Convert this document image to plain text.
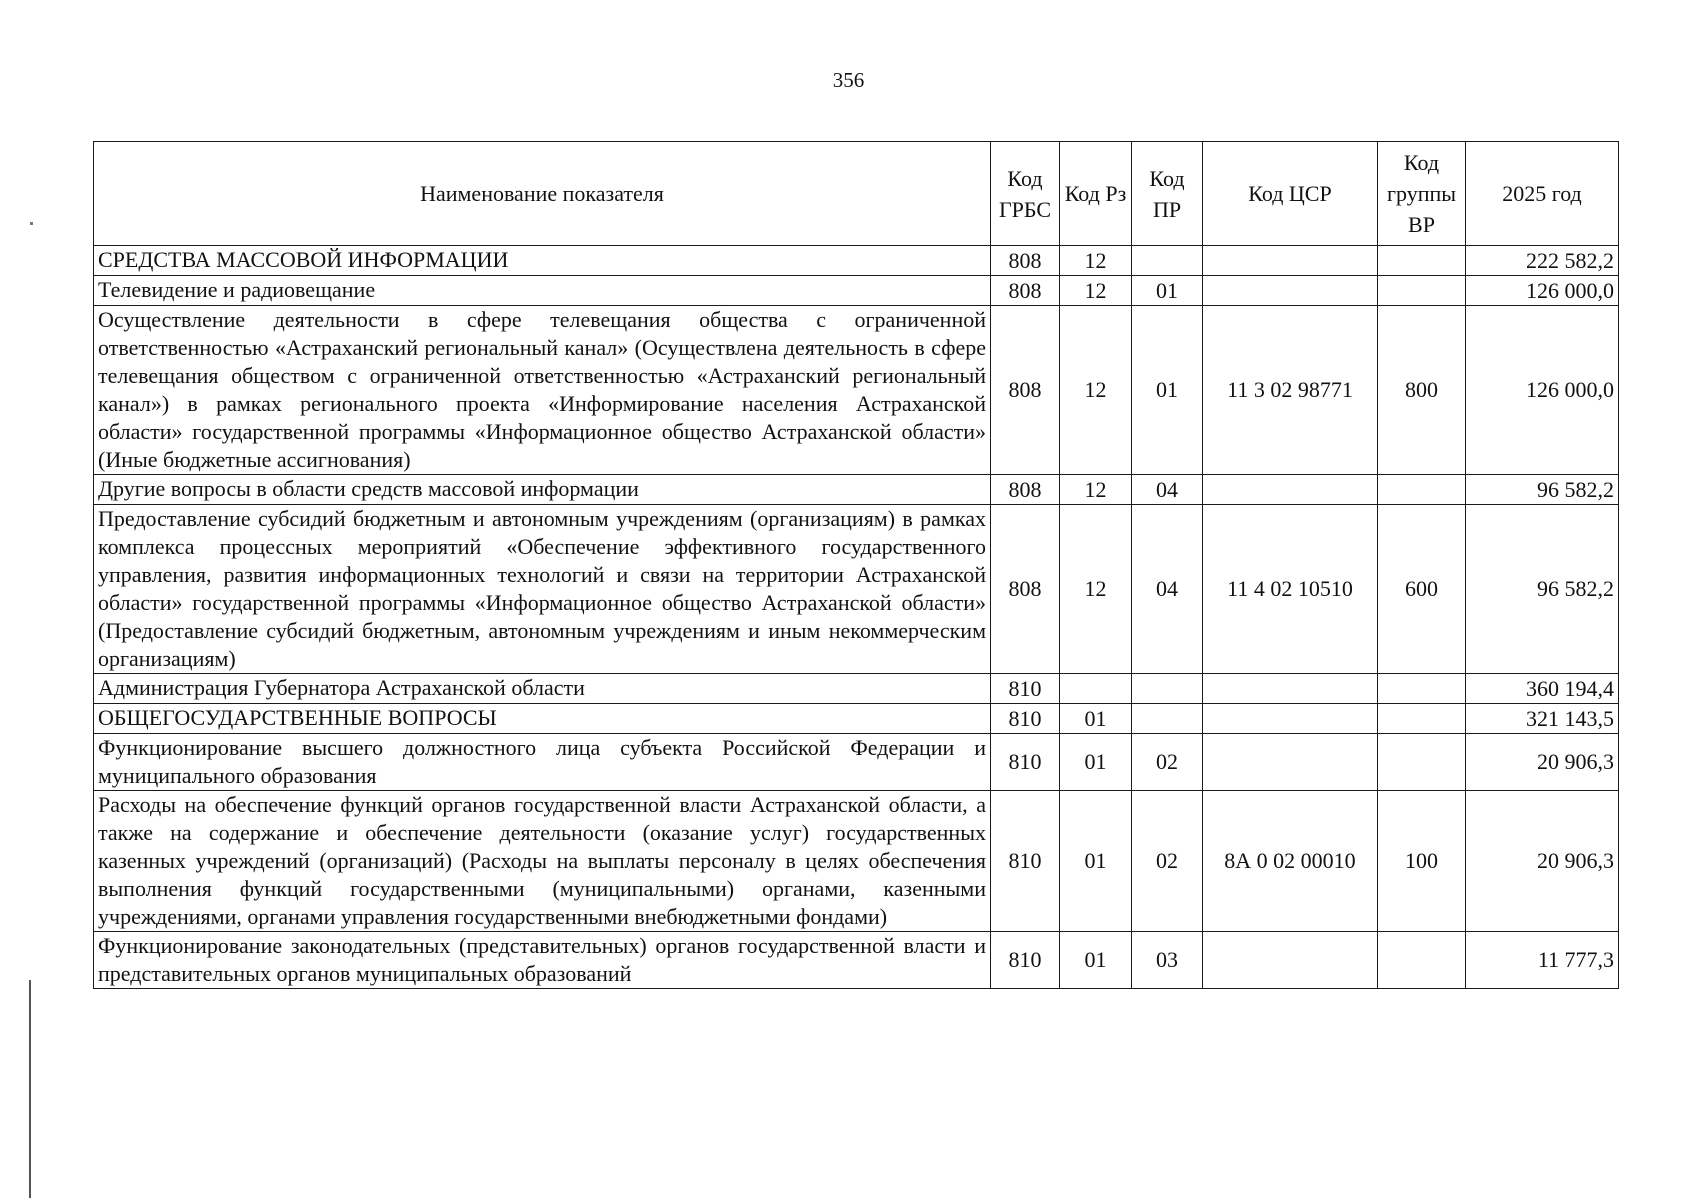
356
Наименование показателя	Код ГРБС	Код Рз	Код ПР	Код ЦСР	Код группы ВР	2025 год
СРЕДСТВА МАССОВОЙ ИНФОРМАЦИИ	808	12				222 582,2
Телевидение и радиовещание	808	12	01			126 000,0
Осуществление деятельности в сфере телевещания общества с ограниченной ответственностью «Астраханский региональный канал» (Осуществлена деятельность в сфере телевещания обществом с ограниченной ответственностью «Астраханский региональный канал») в рамках регионального проекта «Информирование населения Астраханской области» государственной программы «Информационное общество Астраханской области» (Иные бюджетные ассигнования)	808	12	01	11 3 02 98771	800	126 000,0
Другие вопросы в области средств массовой информации	808	12	04			96 582,2
Предоставление субсидий бюджетным и автономным учреждениям (организациям) в рамках комплекса процессных мероприятий «Обеспечение эффективного государственного управления, развития информационных технологий и связи на территории Астраханской области» государственной программы «Информационное общество Астраханской области» (Предоставление субсидий бюджетным, автономным учреждениям и иным некоммерческим организациям)	808	12	04	11 4 02 10510	600	96 582,2
Администрация Губернатора Астраханской области	810					360 194,4
ОБЩЕГОСУДАРСТВЕННЫЕ ВОПРОСЫ	810	01				321 143,5
Функционирование высшего должностного лица субъекта Российской Федерации и муниципального образования	810	01	02			20 906,3
Расходы на обеспечение функций органов государственной власти Астраханской области, а также на содержание и обеспечение деятельности (оказание услуг) государственных казенных учреждений (организаций) (Расходы на выплаты персоналу в целях обеспечения выполнения функций государственными (муниципальными) органами, казенными учреждениями, органами управления государственными внебюджетными фондами)	810	01	02	8А 0 02 00010	100	20 906,3
Функционирование законодательных (представительных) органов государственной власти и представительных органов муниципальных образований	810	01	03			11 777,3
